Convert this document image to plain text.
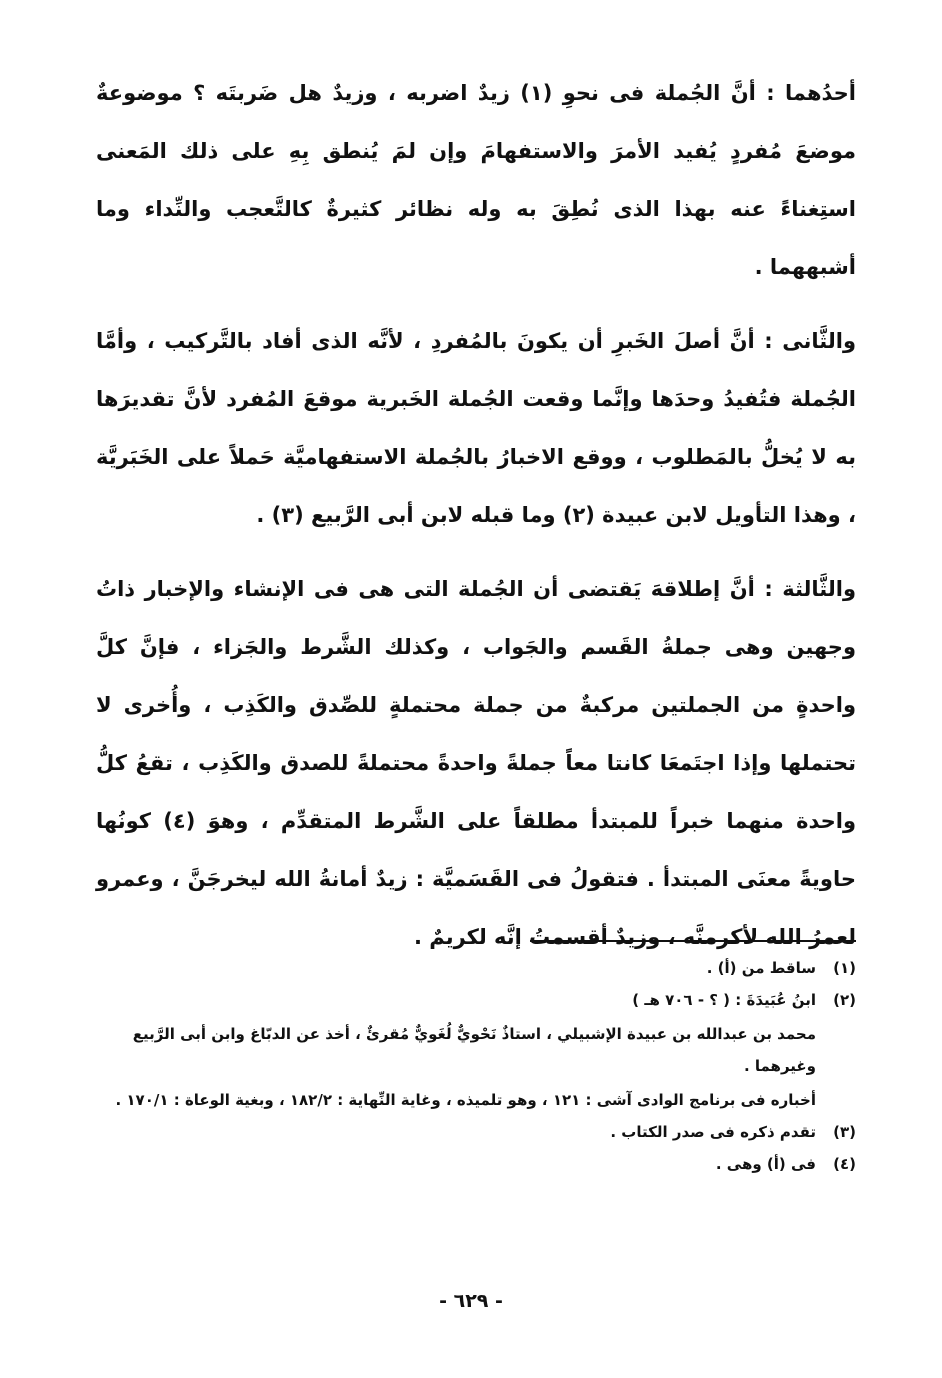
أحدُهما : أنَّ الجُملة فى نحوِ (١) زيدٌ اضربه ، وزيدٌ هل ضَربتَه ؟ موضوعةٌ موضعَ مُفردٍ يُفيد الأمرَ والاستفهامَ وإن لمَ يُنطق بِهِ على ذلك المَعنى استِغناءً عنه بهذا الذى نُطِقَ به وله نظائر كثيرةٌ كالتَّعجب والنِّداء وما أشبههما .

والثَّانى : أنَّ أصلَ الخَبرِ أن يكونَ بالمُفردِ ، لأنَّه الذى أفاد بالتَّركيب ، وأمَّا الجُملة فتُفيدُ وحدَها وإنَّما وقعت الجُملة الخَبرية موقعَ المُفرد لأنَّ تقديرَها به لا يُخلُّ بالمَطلوب ، ووقع الاخبارُ بالجُملة الاستفهاميَّة حَملاً على الخَبَريَّة ، وهذا التأويل لابن عبيدة (٢) وما قبله لابن أبى الرَّبيع (٣) .

والثَّالثة : أنَّ إطلاقهَ يَقتضى أن الجُملة التى هى فى الإنشاء والإخبار ذاتُ وجهين وهى جملةُ القَسم والجَواب ، وكذلك الشَّرط والجَزاء ، فإنَّ كلَّ واحدةٍ من الجملتين مركبةٌ من جملة محتملةٍ للصِّدق والكَذِب ، وأُخرى لا تحتملها وإذا اجتَمعَا كانتا معاً جملةً واحدةً محتملةً للصدق والكَذِب ، تقعُ كلُّ واحدة منهما خبراً للمبتدأ مطلقاً على الشَّرط المتقدِّم ، وهوَ (٤) كونُها حاويةً معنَى المبتدأ . فتقولُ فى القَسَميَّة : زيدٌ أمانةُ الله ليخرجَنَّ ، وعمرو لعمرُ الله لأكرمنَّه ، وزيدٌ أقسمتُ إنَّه لكريمٌ .

(١)
ساقط من (أ) .
(٢)
ابنُ عُبَيدَةَ : ( ؟ - ٧٠٦ هـ )
محمد بن عبدالله بن عبيدة الإشبيلي ، استاذٌ نَحْويٌّ لُغَويٌّ مُقرئٌ ، أخذ عن الدبّاغ وابن أبى الرَّبيع وغيرهما .
أخباره فى برنامج الوادى آشى : ١٢١ ، وهو تلميذه ، وغاية النِّهاية : ١٨٢/٢ ، وبغية الوعاة : ١٧٠/١ .
(٣)
تقدم ذكره فى صدر الكتاب .
(٤)
فى (أ) وهى .
- ٦٢٩ -
